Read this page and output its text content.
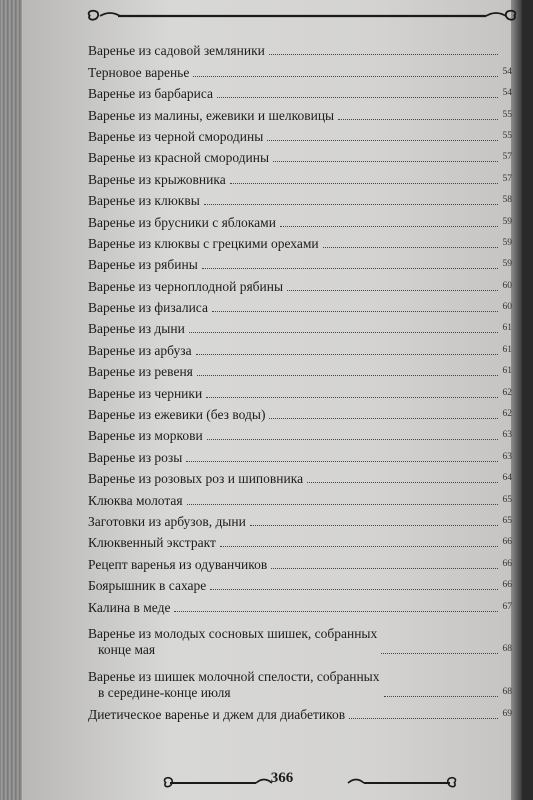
Варенье из садовой земляники
Терновое варенье	54
Варенье из барбариса	54
Варенье из малины, ежевики и шелковицы	55
Варенье из черной смородины	55
Варенье из красной смородины	57
Варенье из крыжовника	57
Варенье из клюквы	58
Варенье из брусники с яблоками	59
Варенье из клюквы с грецкими орехами	59
Варенье из рябины	59
Варенье из черноплодной рябины	60
Варенье из физалиса	60
Варенье из дыни	61
Варенье из арбуза	61
Варенье из ревеня	61
Варенье из черники	62
Варенье из ежевики (без воды)	62
Варенье из моркови	63
Варенье из розы	63
Варенье из розовых роз и шиповника	64
Клюква молотая	65
Заготовки из арбузов, дыни	65
Клюквенный экстракт	66
Рецепт варенья из одуванчиков	66
Боярышник в сахаре	66
Калина в меде	67
Варенье из молодых сосновых шишек, собранных
конце мая	68
Варенье из шишек молочной спелости, собранных
в середине-конце июля	68
Диетическое варенье и джем для диабетиков	69
366
